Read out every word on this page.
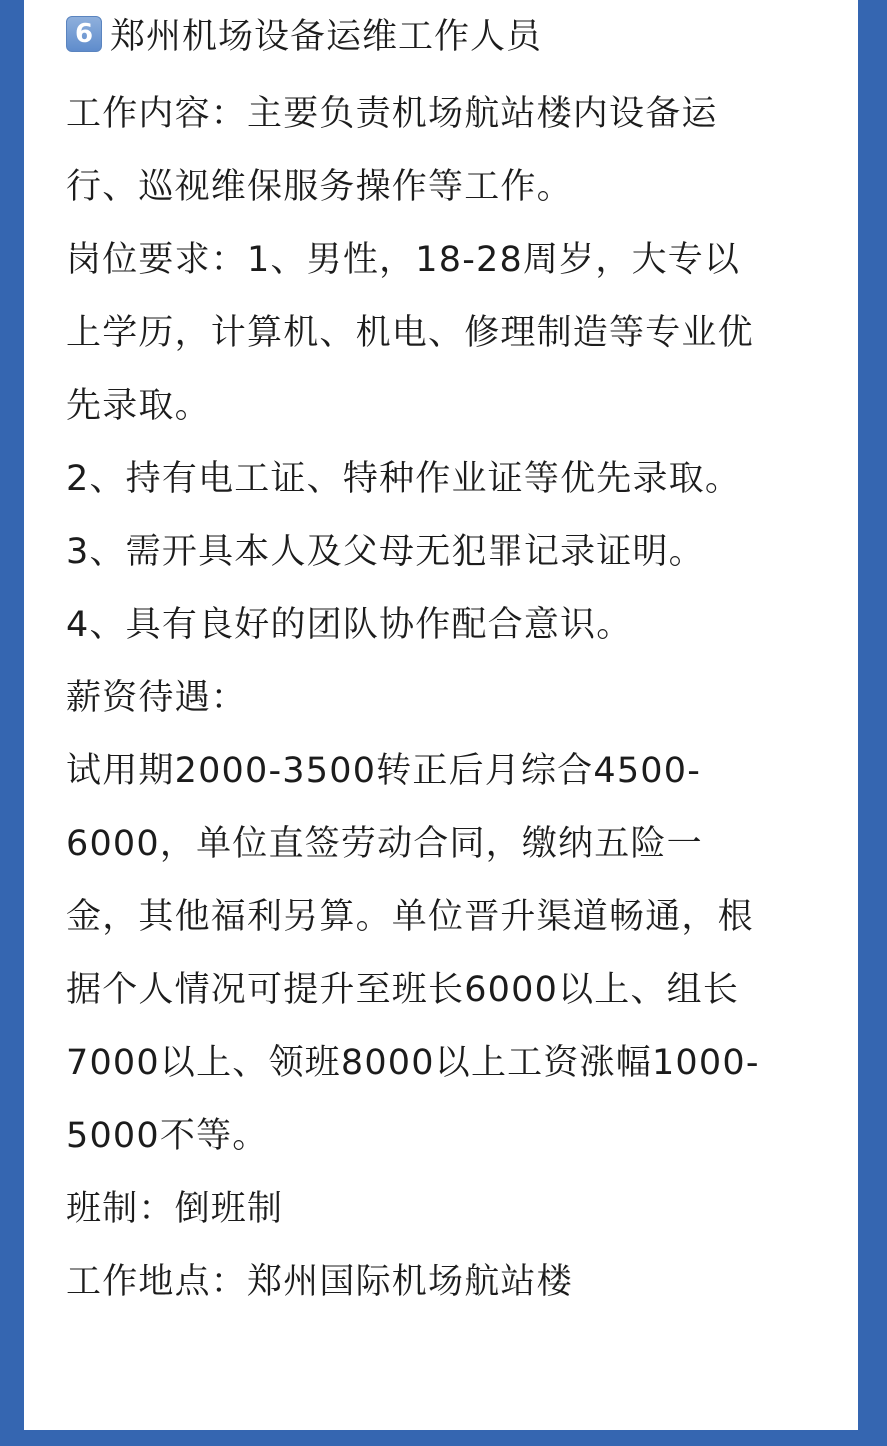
6 郑州机场设备运维工作人员
工作内容：主要负责机场航站楼内设备运
行、巡视维保服务操作等工作。
岗位要求：1、男性，18-28周岁，大专以
上学历，计算机、机电、修理制造等专业优
先录取。
2、持有电工证、特种作业证等优先录取。
3、需开具本人及父母无犯罪记录证明。
4、具有良好的团队协作配合意识。
薪资待遇：
试用期2000-3500转正后月综合4500-
6000，单位直签劳动合同，缴纳五险一
金，其他福利另算。单位晋升渠道畅通，根
据个人情况可提升至班长6000以上、组长
7000以上、领班8000以上工资涨幅1000-
5000不等。
班制：倒班制
工作地点：郑州国际机场航站楼
